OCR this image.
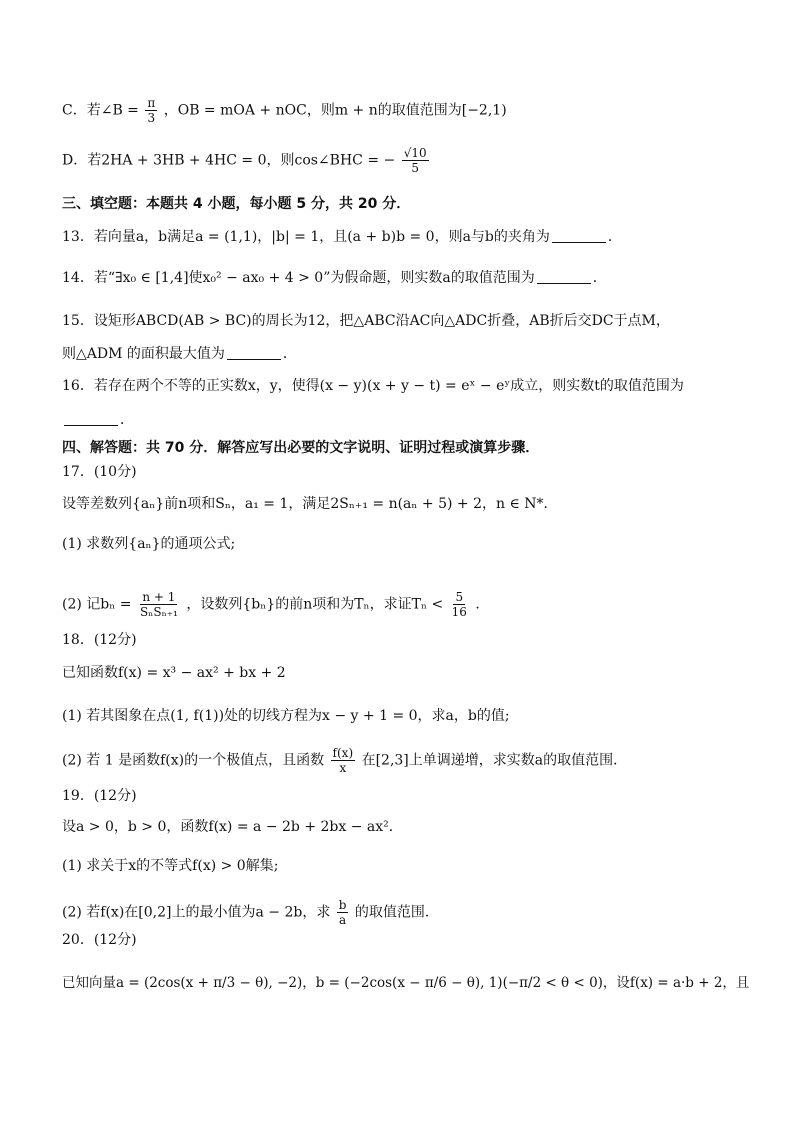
C．若∠B = $\frac{\pi}{3}$ ，OB = mOA + nOC，则m + n的取值范围为[−2,1)
D．若2HA + 3HB + 4HC = 0，则cos∠BHC = − $\frac{√10}{5}$
三、填空题：本题共 4 小题，每小题 5 分，共 20 分．
13．若向量a，b满足a = (1,1)，|b| = 1，且(a + b)b = 0，则a与b的夹角为	．
14．若“∃x₀ ∈ [1,4]使x₀² − ax₀ + 4 > 0”为假命题，则实数a的取值范围为	．
15．设矩形ABCD(AB > BC)的周长为12，把△ABC沿AC向△ADC折叠，AB折后交DC于点M，
则△ADM 的面积最大值为	．
16．若存在两个不等的正实数x，y，使得(x − y)(x + y − t) = eˣ − eʸ成立，则实数t的取值范围为
．
四、解答题：共 70 分．解答应写出必要的文字说明、证明过程或演算步骤．
17．(10分)
设等差数列{aₙ}前n项和Sₙ，a₁ = 1，满足2Sₙ₊₁ = n(aₙ + 5) + 2，n ∈ N*．
(1) 求数列{aₙ}的通项公式;
(2) 记$b_n = \frac{n + 1}{\text{SₙSₙ₊₁}}$ ，设数列{bₙ}的前n项和为Tₙ，求证$T_n < \frac{5}{16}$ ．
18．(12分)
已知函数f(x) = x³ − ax² + bx + 2
(1) 若其图象在点(1, f(1))处的切线方程为x − y + 1 = 0，求a，b的值;
(2) 若 1 是函数f(x)的一个极值点，且函数 $\frac{f(x)}{x}$ 在[2,3]上单调递增，求实数a的取值范围．
19．(12分)
设a > 0，b > 0，函数f(x) = a − 2b + 2bx − ax²．
(1) 求关于x的不等式f(x) > 0解集;
(2) 若f(x)在[0,2]上的最小值为a − 2b，求 $\frac{b}{a}$ 的取值范围．
20．(12分)
已知向量a = (2cos(x + π/3 − θ), −2)，b = (−2cos(x − π/6 − θ), 1)(−π/2 < θ < 0)，设f(x) = a·b + 2，且
